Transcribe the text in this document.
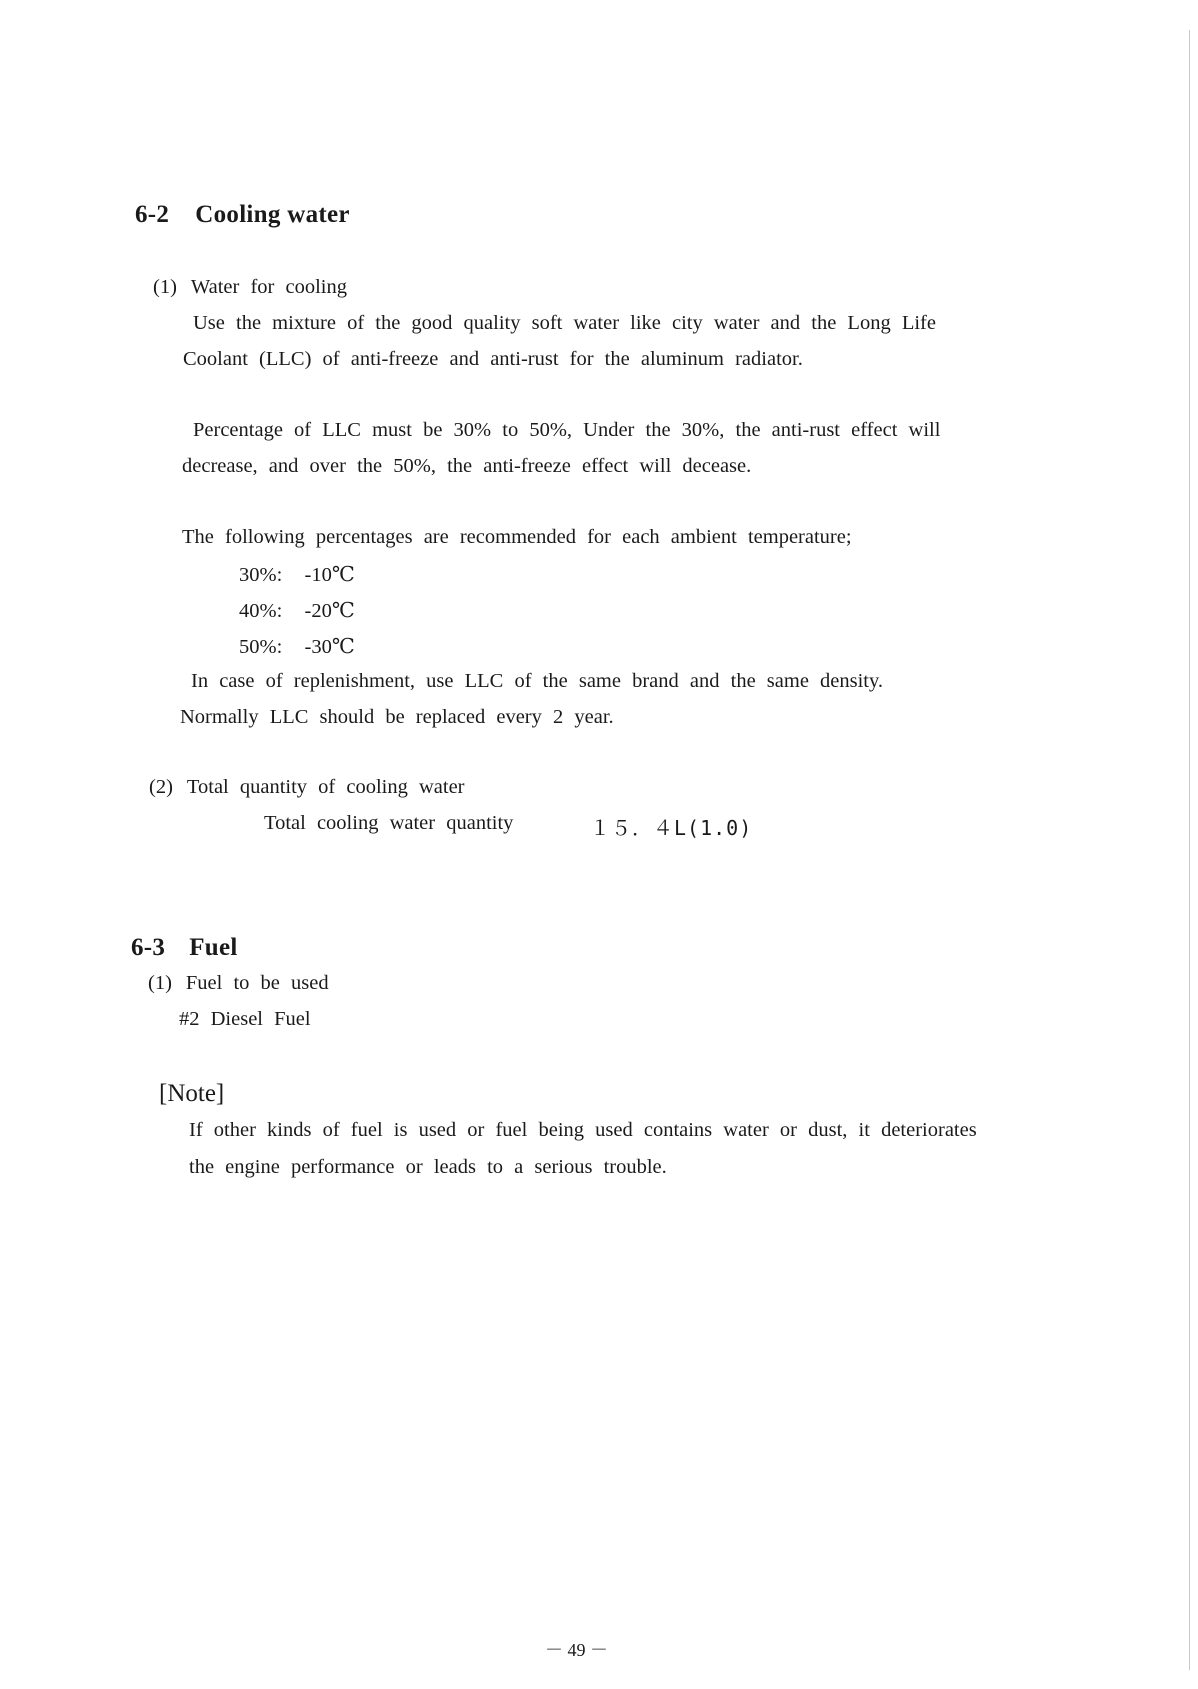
6-2 Cooling water
(1) Water for cooling
Use the mixture of the good quality soft water like city water and the Long Life
Coolant (LLC) of anti-freeze and anti-rust for the aluminum radiator.
Percentage of LLC must be 30% to 50%, Under the 30%, the anti-rust effect will
decrease, and over the 50%, the anti-freeze effect will decease.
The following percentages are recommended for each ambient temperature;
30%: -10℃
40%: -20℃
50%: -30℃
In case of replenishment, use LLC of the same brand and the same density.
Normally LLC should be replaced every 2 year.
(2) Total quantity of cooling water
Total cooling water quantity	１５．４L(1.0)
6-3 Fuel
(1) Fuel to be used
#2 Diesel Fuel
[Note]
If other kinds of fuel is used or fuel being used contains water or dust, it deteriorates
the engine performance or leads to a serious trouble.
－ 49 －
